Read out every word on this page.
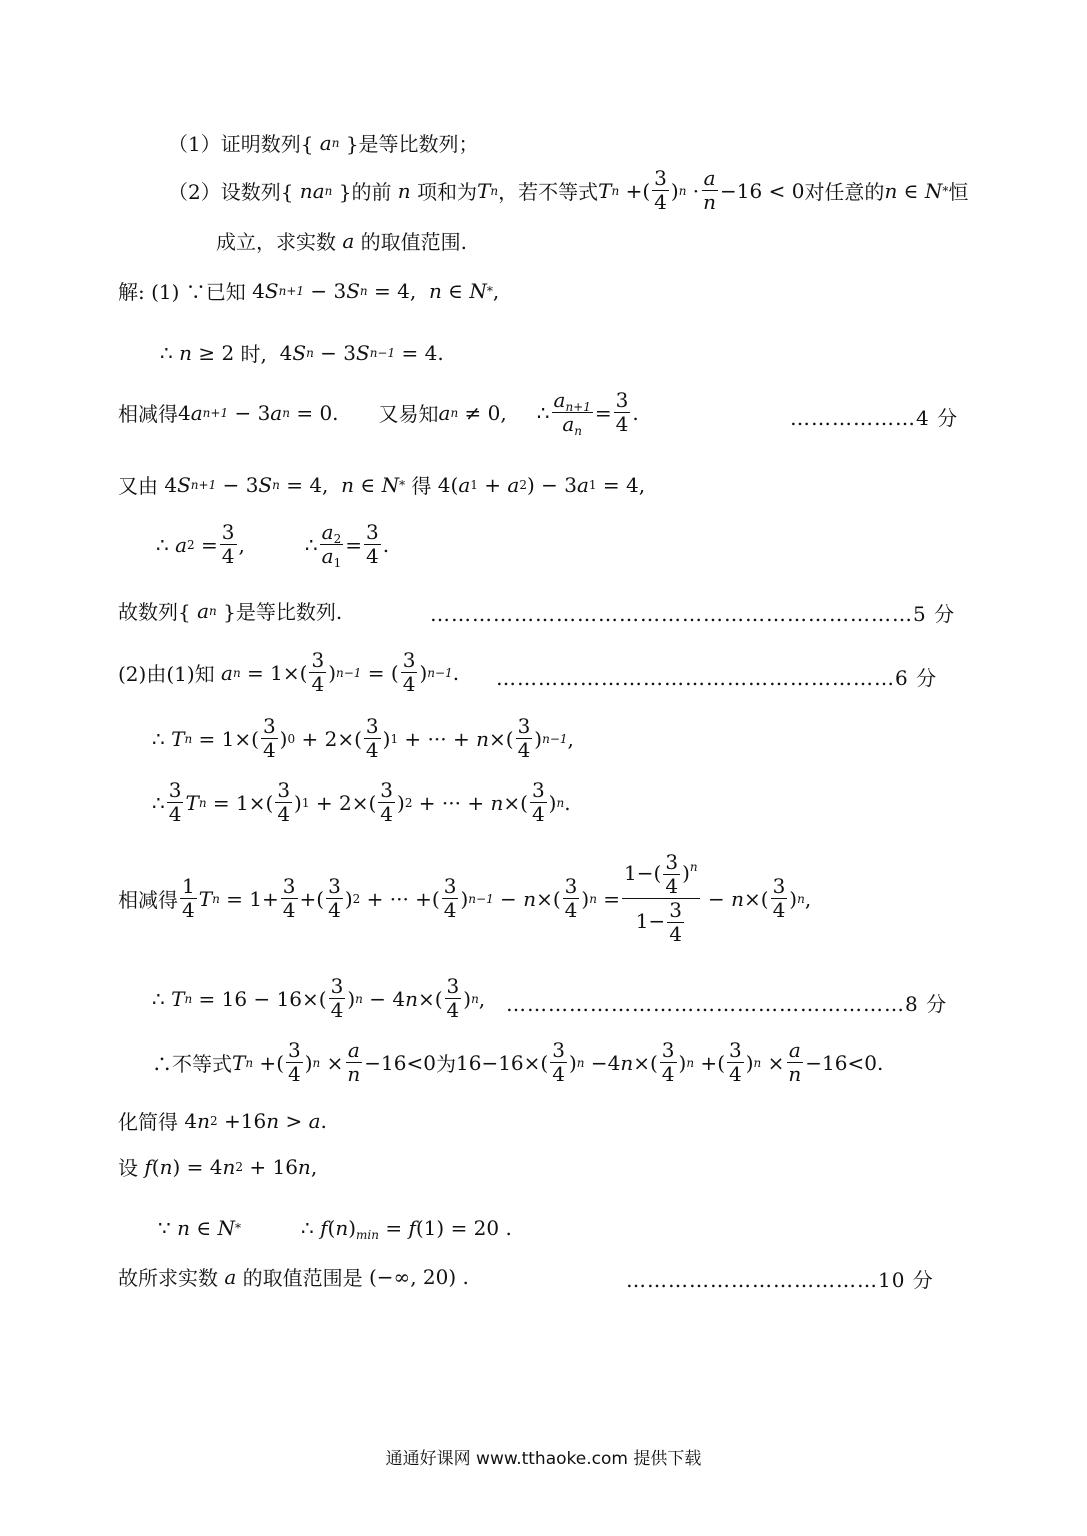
（1）证明数列{ a n
}是等比数列；
（2）设数列{ na n
}的前 n 项和为 T n ，若不等式 T n +(
3
4 ) n ·
a
n −16 < 0 对任意的 n ∈ N * 恒
成立，求实数 a 的取值范围.
解: (1) ∵已知 4 S n+1 − 3 S n = 4, n ∈ N * ,
∴ n ≥ 2 时, 4 S n − 3 S n−1 = 4.
相减得 4 a n+1 − 3 a n = 0. 又易知 a n ≠ 0, ∴
$a_{n+1}$
$a_n$
=
3
4 .	………………4 分
又由 4 S n+1 − 3 S n = 4, n ∈ N *
得 4( a 1 + a 2 ) − 3 a 1 = 4,
∴ a 2 =
3
4 ,	∴
$a_2$
$a_1$
=
3
4 .
故数列{ a n
}是等比数列.	……………………………………………………………5 分
(2)由(1)知
a n = 1×(
3
4 ) n−1 = (
3
4 ) n−1 . …………………………………………………6 分
∴ T n = 1×(
3
4 ) 0 + 2×(
3
4 ) 1 + ··· + n ×(
3
4 ) n−1 ,
∴
3
4 T n = 1×(
3
4 ) 1 + 2×(
3
4 ) 2 + ··· + n ×(
3
4 ) n .
相减得
1
4 T n = 1+
3
4 +(
3
4 ) 2 + ··· +(
3
4 ) n−1 − n ×(
3
4 ) n =
$1-( \frac{3}{4} )^n$
$1- \frac{3}{4}$
− n ×(
3
4 ) n ,
∴ T n = 16 − 16×(
3
4 ) n − 4 n ×(
3
4 ) n , …………………………………………………8 分
∴不等式 T n +(
3
4 ) n ×
a
n −16<0 为 16−16×(
3
4 ) n −4 n ×(
3
4 ) n +(
3
4 ) n ×
a
n −16<0.
化简得 4 n 2 +16 n > a .
设
f ( n ) = 4 n 2 + 16 n ,
∵ n ∈ N *	∴ $f(n)_{min} = f(1) = 20$ .
故所求实数 a 的取值范围是
(−∞, 20) .	………………………………10 分
通通好课网 www.tthaoke.com 提供下载
